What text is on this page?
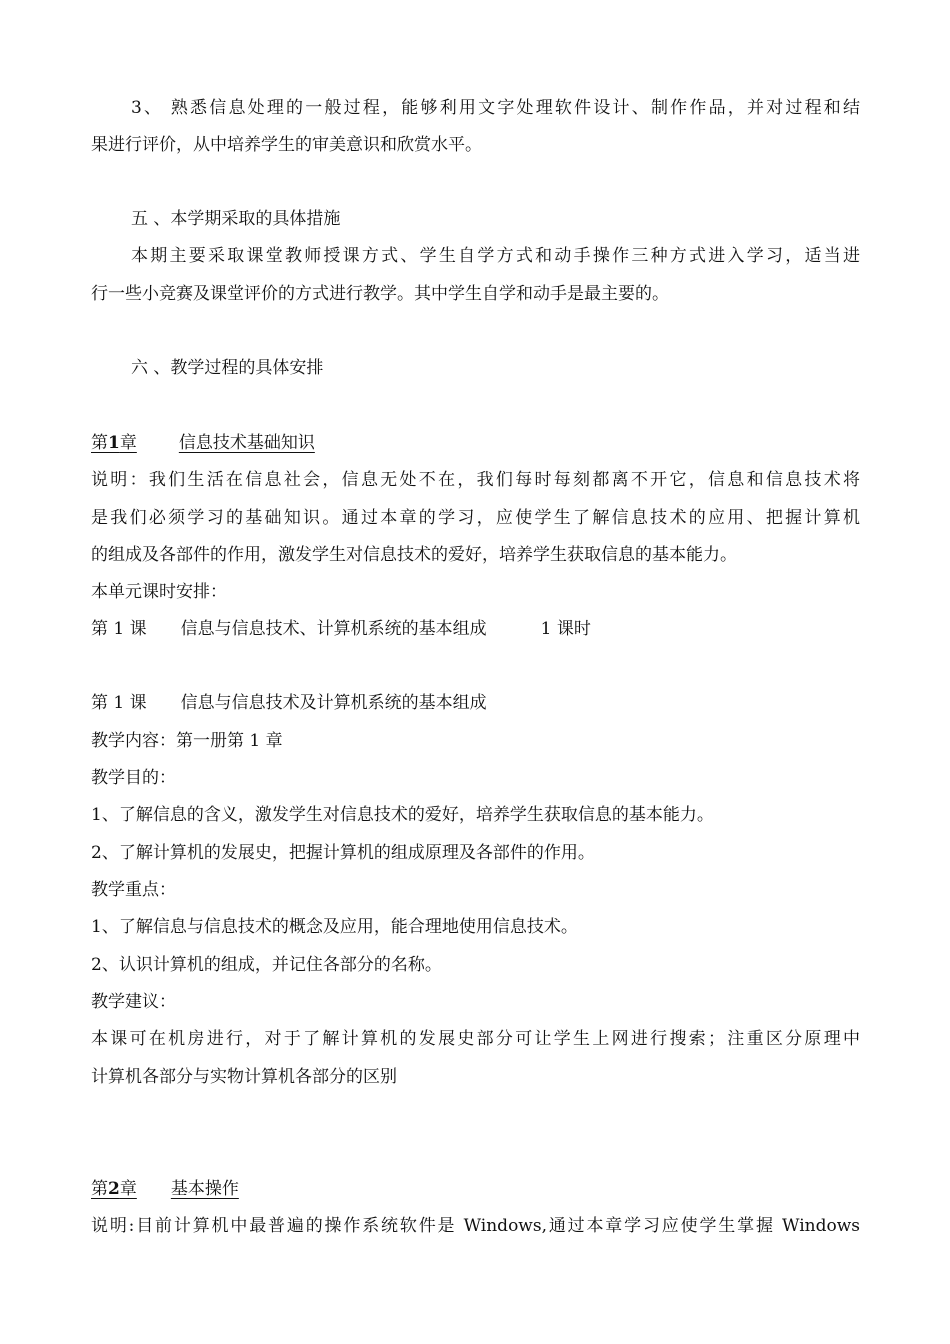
3、 熟悉信息处理的一般过程，能够利用文字处理软件设计、制作作品，并对过程和结
果进行评价，从中培养学生的审美意识和欣赏水平。
五 、本学期采取的具体措施
本期主要采取课堂教师授课方式、学生自学方式和动手操作三种方式进入学习，适当进
行一些小竞赛及课堂评价的方式进行教学。其中学生自学和动手是最主要的。
六 、教学过程的具体安排
第1章 信息技术基础知识
说明：我们生活在信息社会，信息无处不在，我们每时每刻都离不开它，信息和信息技术将
是我们必须学习的基础知识。通过本章的学习，应使学生了解信息技术的应用、把握计算机
的组成及各部件的作用，激发学生对信息技术的爱好，培养学生获取信息的基本能力。
本单元课时安排：
第 1 课 信息与信息技术、计算机系统的基本组成	1 课时
第 1 课 信息与信息技术及计算机系统的基本组成
教学内容：第一册第 1 章
教学目的：
1、了解信息的含义，激发学生对信息技术的爱好，培养学生获取信息的基本能力。
2、了解计算机的发展史，把握计算机的组成原理及各部件的作用。
教学重点：
1、了解信息与信息技术的概念及应用，能合理地使用信息技术。
2、认识计算机的组成，并记住各部分的名称。
教学建议：
本课可在机房进行，对于了解计算机的发展史部分可让学生上网进行搜索；注重区分原理中
计算机各部分与实物计算机各部分的区别
第2章 基本操作
说明:目前计算机中最普遍的操作系统软件是 Windows,通过本章学习应使学生掌握 Windows
